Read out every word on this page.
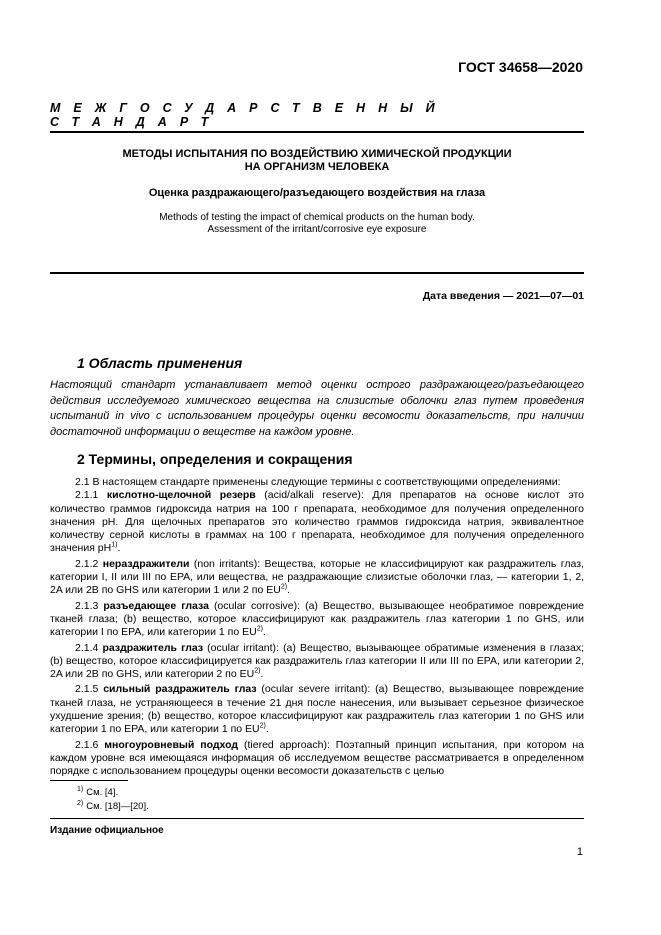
ГОСТ 34658—2020
МЕЖГОСУДАРСТВЕННЫЙ СТАНДАРТ
МЕТОДЫ ИСПЫТАНИЯ ПО ВОЗДЕЙСТВИЮ ХИМИЧЕСКОЙ ПРОДУКЦИИ
НА ОРГАНИЗМ ЧЕЛОВЕКА
Оценка раздражающего/разъедающего воздействия на глаза
Methods of testing the impact of chemical products on the human body.
Assessment of the irritant/corrosive eye exposure
Дата введения — 2021—07—01
1 Область применения
Настоящий стандарт устанавливает метод оценки острого раздражающего/разъедающего действия исследуемого химического вещества на слизистые оболочки глаз путем проведения испытаний in vivo с использованием процедуры оценки весомости доказательств, при наличии достаточной информации о веществе на каждом уровне.
2 Термины, определения и сокращения

2.1 В настоящем стандарте применены следующие термины с соответствующими определениями:

2.1.1 кислотно-щелочной резерв (acid/alkali reserve): Для препаратов на основе кислот это количество граммов гидроксида натрия на 100 г препарата, необходимое для получения определенного значения pH. Для щелочных препаратов это количество граммов гидроксида натрия, эквивалентное количеству серной кислоты в граммах на 100 г препарата, необходимое для получения определенного значения $pH^{1)}$.

2.1.2 нераздражители (non irritants): Вещества, которые не классифицируют как раздражитель глаз, категории I, II или III по EPA, или вещества, не раздражающие слизистые оболочки глаз, — категории 1, 2, 2A или 2B по GHS или категории 1 или 2 по EU$^{2)}$.

2.1.3 разъедающее глаза (ocular corrosive): (a) Вещество, вызывающее необратимое повреждение тканей глаза; (b) вещество, которое классифицируют как раздражитель глаз категории 1 по GHS, или категории I по EPA, или категории 1 по EU$^{2)}$.

2.1.4 раздражитель глаз (ocular irritant): (a) Вещество, вызывающее обратимые изменения в глазах; (b) вещество, которое классифицируется как раздражитель глаз категории II или III по EPA, или категории 2, 2A или 2B по GHS, или категории 2 по EU$^{2)}$.

2.1.5 сильный раздражитель глаз (ocular severe irritant): (a) Вещество, вызывающее повреждение тканей глаза, не устраняющееся в течение 21 дня после нанесения, или вызывает серьезное физическое ухудшение зрения; (b) вещество, которое классифицируют как раздражитель глаз категории 1 по GHS или категории 1 по EPA, или категории 1 по EU$^{2)}$.

2.1.6 многоуровневый подход (tiered approach): Поэтапный принцип испытания, при котором на каждом уровне вся имеющаяся информация об исследуемом веществе рассматривается в определенном порядке с использованием процедуры оценки весомости доказательств с целью

$^{1)}$ См. [4].
$^{2)}$ См. [18]—[20].
Издание официальное
1
